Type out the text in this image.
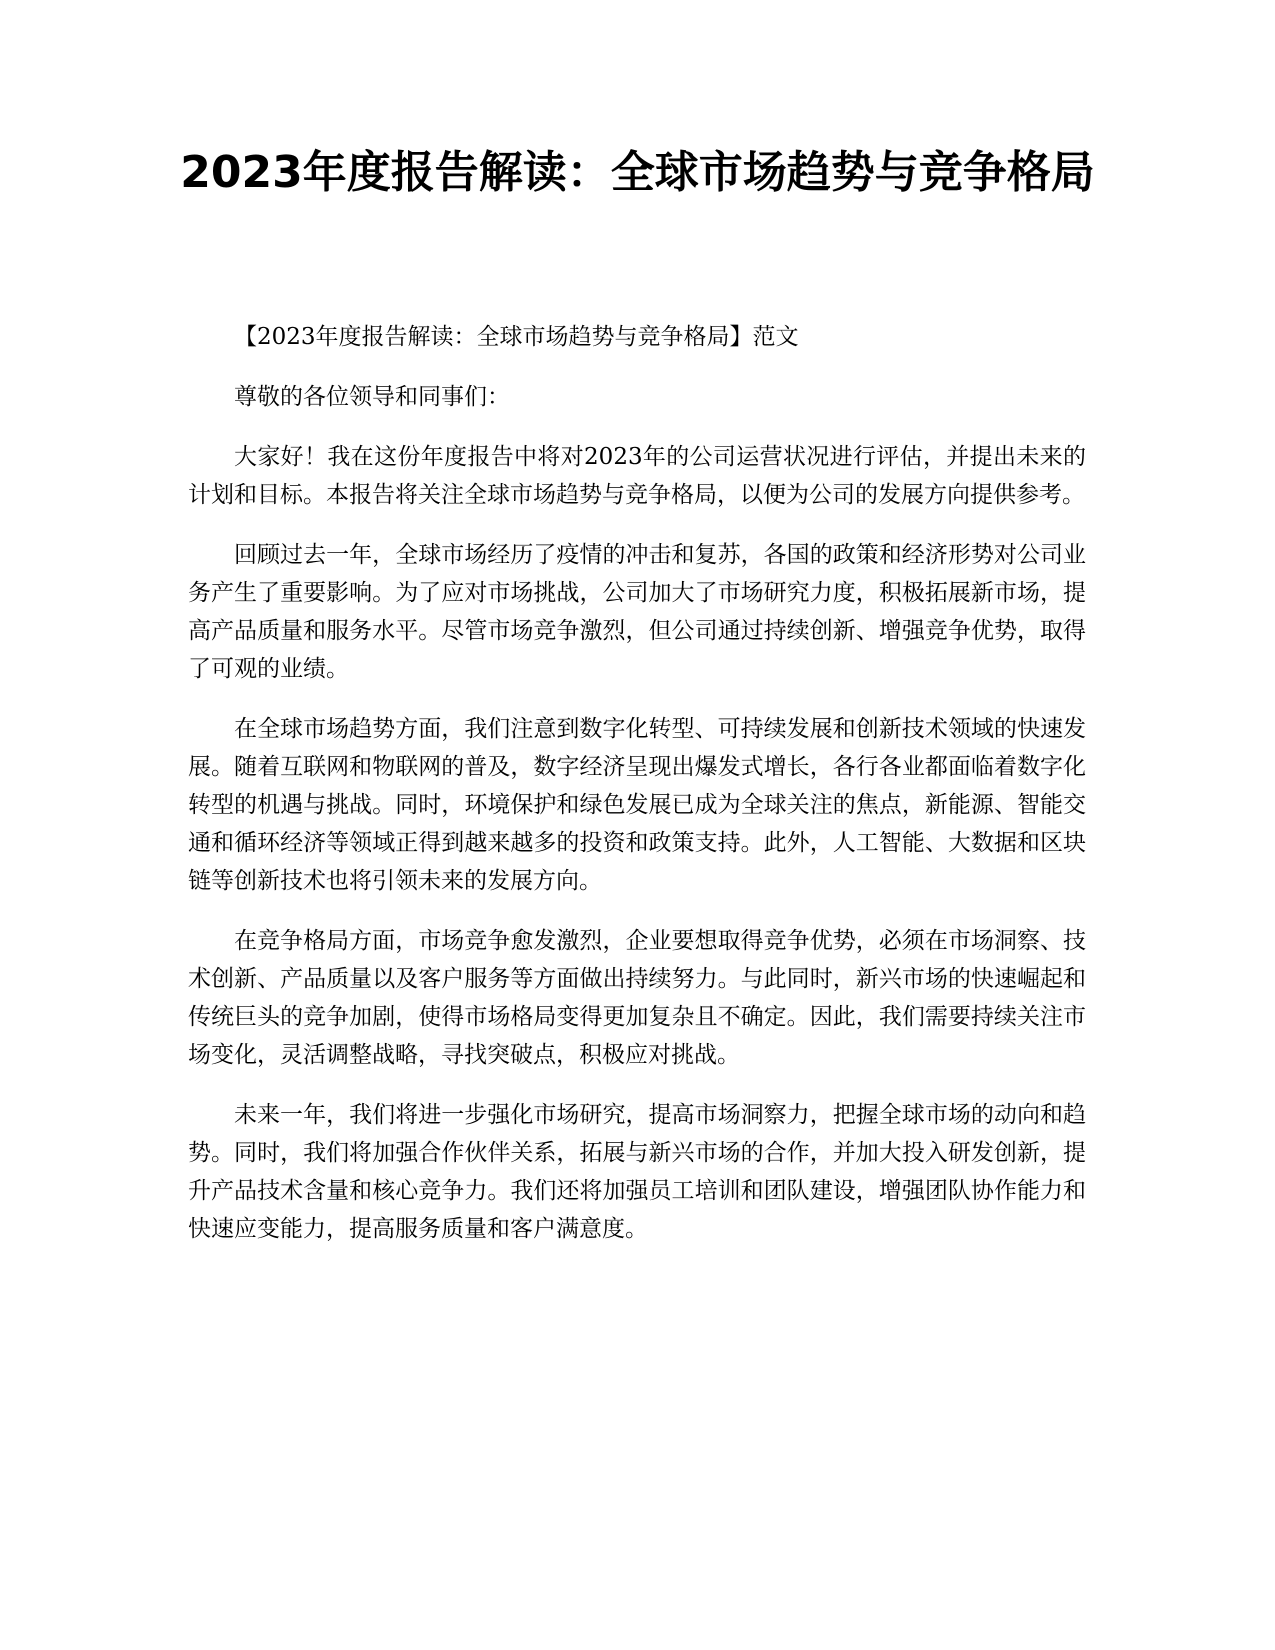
2023年度报告解读：全球市场趋势与竞争格局

【2023年度报告解读：全球市场趋势与竞争格局】范文

尊敬的各位领导和同事们：

大家好！我在这份年度报告中将对2023年的公司运营状况进行评估，并提出未来的计划和目标。本报告将关注全球市场趋势与竞争格局，以便为公司的发展方向提供参考。

回顾过去一年，全球市场经历了疫情的冲击和复苏，各国的政策和经济形势对公司业务产生了重要影响。为了应对市场挑战，公司加大了市场研究力度，积极拓展新市场，提高产品质量和服务水平。尽管市场竞争激烈，但公司通过持续创新、增强竞争优势，取得了可观的业绩。

在全球市场趋势方面，我们注意到数字化转型、可持续发展和创新技术领域的快速发展。随着互联网和物联网的普及，数字经济呈现出爆发式增长，各行各业都面临着数字化转型的机遇与挑战。同时，环境保护和绿色发展已成为全球关注的焦点，新能源、智能交通和循环经济等领域正得到越来越多的投资和政策支持。此外，人工智能、大数据和区块链等创新技术也将引领未来的发展方向。

在竞争格局方面，市场竞争愈发激烈，企业要想取得竞争优势，必须在市场洞察、技术创新、产品质量以及客户服务等方面做出持续努力。与此同时，新兴市场的快速崛起和传统巨头的竞争加剧，使得市场格局变得更加复杂且不确定。因此，我们需要持续关注市场变化，灵活调整战略，寻找突破点，积极应对挑战。

未来一年，我们将进一步强化市场研究，提高市场洞察力，把握全球市场的动向和趋势。同时，我们将加强合作伙伴关系，拓展与新兴市场的合作，并加大投入研发创新，提升产品技术含量和核心竞争力。我们还将加强员工培训和团队建设，增强团队协作能力和快速应变能力，提高服务质量和客户满意度。
